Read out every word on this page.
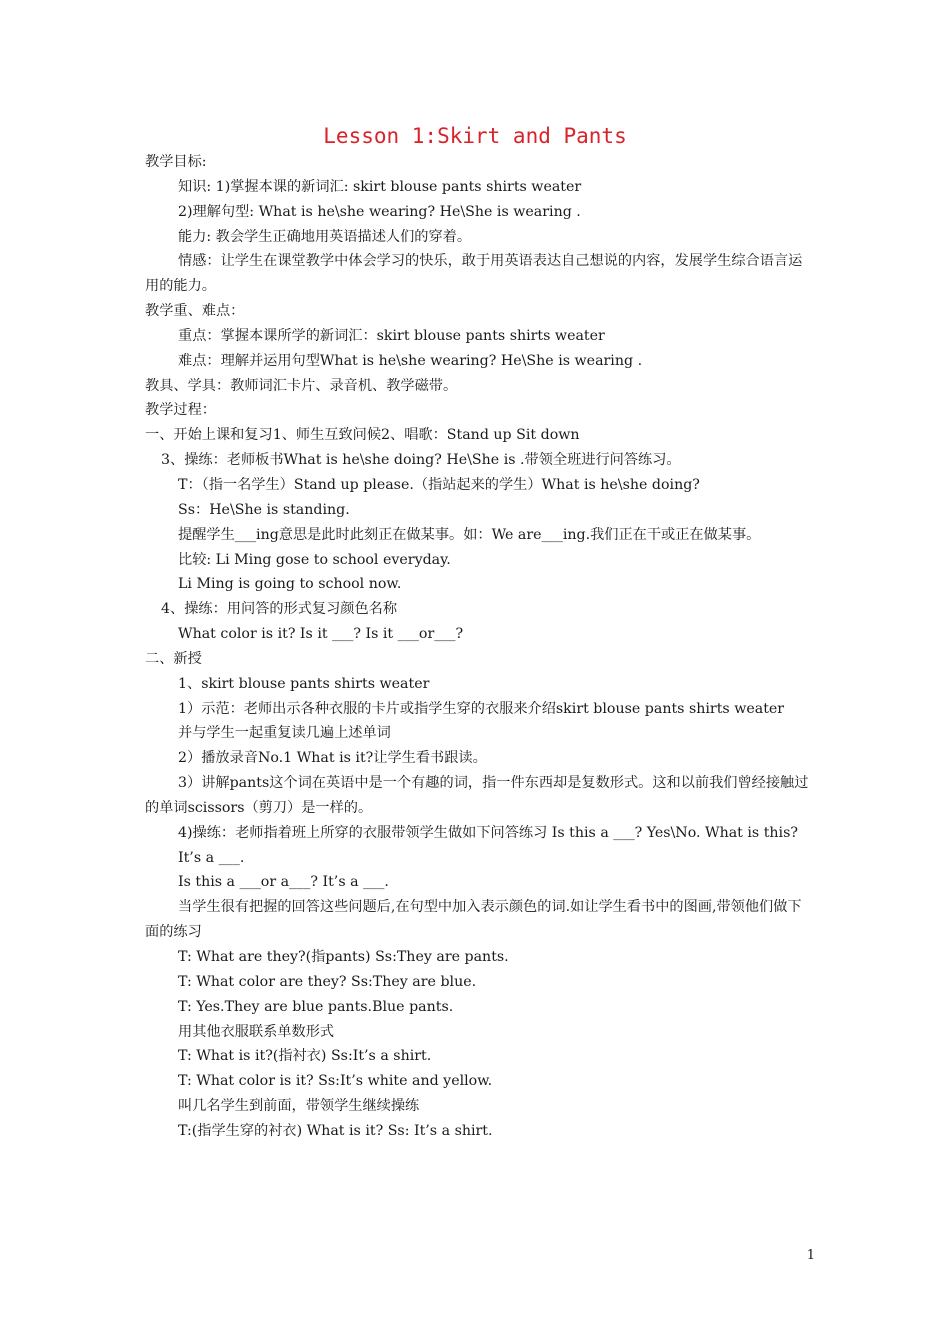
Lesson 1:Skirt and Pants

教学目标:

知识: 1)掌握本课的新词汇: skirt blouse pants shirts weater

2)理解句型: What is he\she wearing? He\She is wearing .

能力: 教会学生正确地用英语描述人们的穿着。

情感：让学生在课堂教学中体会学习的快乐，敢于用英语表达自己想说的内容，发展学生综合语言运用的能力。

教学重、难点：

重点：掌握本课所学的新词汇：skirt blouse pants shirts weater

难点：理解并运用句型What is he\she wearing? He\She is wearing .

教具、学具：教师词汇卡片、录音机、教学磁带。

教学过程：

一、开始上课和复习1、师生互致问候2、唱歌：Stand up Sit down

3、操练：老师板书What is he\she doing? He\She is .带领全班进行问答练习。

T：（指一名学生）Stand up please.（指站起来的学生）What is he\she doing?

Ss：He\She is standing.

提醒学生___ing意思是此时此刻正在做某事。如：We are___ing.我们正在干或正在做某事。

比较: Li Ming gose to school everyday.

Li Ming is going to school now.

4、操练：用问答的形式复习颜色名称

What color is it? Is it ___? Is it ___or___?

二、新授

1、skirt blouse pants shirts weater

1）示范：老师出示各种衣服的卡片或指学生穿的衣服来介绍skirt blouse pants shirts weater

并与学生一起重复读几遍上述单词

2）播放录音No.1 What is it?让学生看书跟读。

3）讲解pants这个词在英语中是一个有趣的词，指一件东西却是复数形式。这和以前我们曾经接触过的单词scissors（剪刀）是一样的。

4)操练：老师指着班上所穿的衣服带领学生做如下问答练习 Is this a ___? Yes\No. What is this?

It’s a ___.

Is this a ___or a___? It’s a ___.

当学生很有把握的回答这些问题后,在句型中加入表示颜色的词.如让学生看书中的图画,带领他们做下面的练习

T: What are they?(指pants) Ss:They are pants.

T: What color are they? Ss:They are blue.

T: Yes.They are blue pants.Blue pants.

用其他衣服联系单数形式

T: What is it?(指衬衣) Ss:It’s a shirt.

T: What color is it? Ss:It’s white and yellow.

叫几名学生到前面，带领学生继续操练

T:(指学生穿的衬衣) What is it? Ss: It’s a shirt.

1
